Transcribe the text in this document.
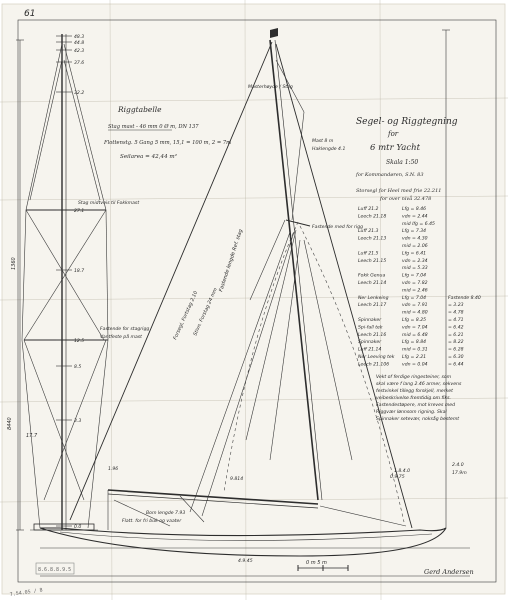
61
48.3
44.8
42.3
37.6
32.2
27.1
18.7
12.5
8.5
3.3
0.0
1360
8440
17.7
Stag midtveis til Fokkmast
Fastende for stagrigg
Vantfeste på mast
Riggtabelle
Stag mast - 46 mm 0 Ø m, DN 137
Flottenstg. 5 Gang 5 mm, 15,1 = 100 m, 2 = 7m
Seilarea = 42,44 m²
0 m 5 m
Masterhøyde / Stag
Mast 8 m
Haklengde 4.1
Fastende med for rigg
Bom lengde 7.93
Flatt. for fri buk og vaater
Forsegl, Fortstag 2.10
Stivn. Forstag 24 mm
9.814
2.4.0
1.8.4.0
0.9.75
17.9m
1.96
4.9.45
Segel- og Riggtegning
for
6 mtr Yacht
Skala 1:50
for Kommandøren, S.N. 83
Storsegl for Heel med frie 22.211
for over nivå 32.478
Luff 21.2	Lfg = 8.46
Leech 21.18	vdn = 2.44
mid lfg = 6.45
Luff 21.3	Lfg = 7.34
Leech 21.13	vdn = 4.30
mid = 2.06
Luff 21.5	Lfg = 6.41
Leech 21.15	vdn = 2.34
mid = 5.33
Fokk Genua	Lfg = 7.04
Leech 21.14	vdn = 7.82
mid = 2.46
Ner Lenkeing	Lfg = 7.04	Fastende 8.40
Leech 21.17	vdn = 7.91	= 3.23
mid = 4.80	= 4.78
Spinnaker	Lfg = 8.25	= 4.71
Spi-fall tek	vdn = 7.04	= 6.42
Leech 21.16	mid = 6.48	= 6.21
Spinnaker	Lfg = 8.84	= 8.22
Luff 21.14	mid = 0.31	= 6.28
Ner Leeving tek Lfg = 2.21	= 6.30
Leech 21.106	vdn = 0.04	= 6.44
Vekt of ferdige ringesteiner, som
skal være f lang 2.46 armer, sekvens
festvinkel tillegg forskjell, merket
veibeskrivelse fremtidig om fiks.
Fastendestøpere, mot kreves med
Riggvær lønnsom rigning. Skal
Spinnaker setevær, noksåg bestemt
Gerd Andersen
8.6.8.8.9.5
7.54.05 / 8
Fastende lengde Ref. stag
